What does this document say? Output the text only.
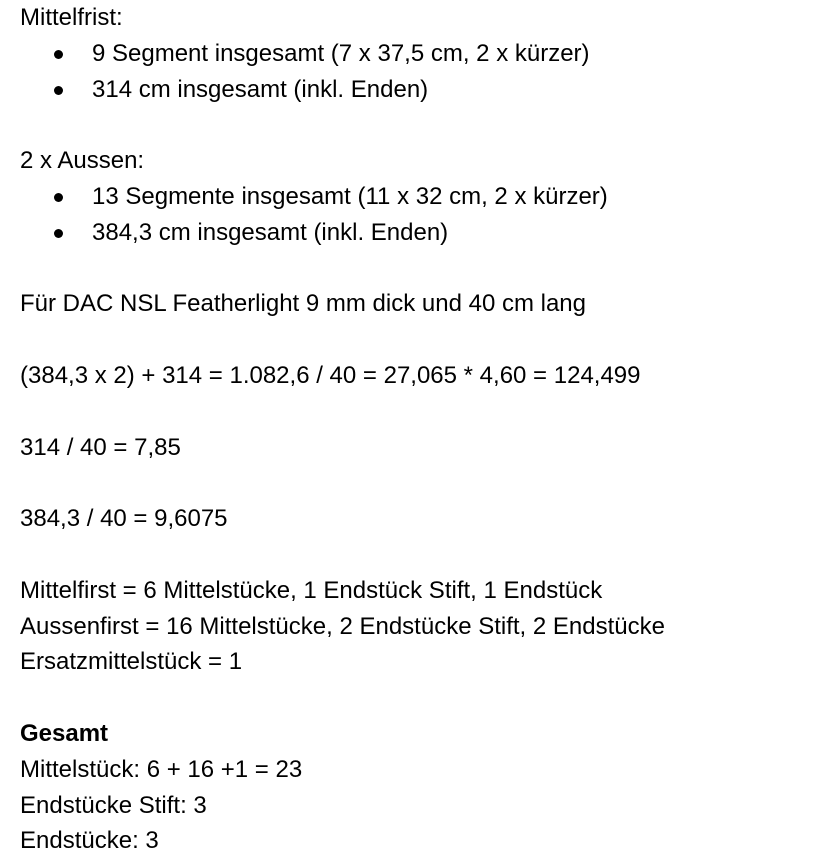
Mittelfrist:
9 Segment insgesamt (7 x 37,5 cm, 2 x kürzer)
314 cm insgesamt (inkl. Enden)
2 x Aussen:
13 Segmente insgesamt (11 x 32 cm, 2 x kürzer)
384,3 cm insgesamt (inkl. Enden)
Für DAC NSL Featherlight 9 mm dick und 40 cm lang
(384,3 x 2) + 314 = 1.082,6 / 40 = 27,065 * 4,60 = 124,499
314 / 40 = 7,85
384,3 / 40 = 9,6075
Mittelfirst = 6 Mittelstücke, 1 Endstück Stift, 1 Endstück
Aussenfirst = 16 Mittelstücke, 2 Endstücke Stift, 2 Endstücke
Ersatzmittelstück = 1
Gesamt
Mittelstück: 6 + 16 +1 = 23
Endstücke Stift: 3
Endstücke: 3
